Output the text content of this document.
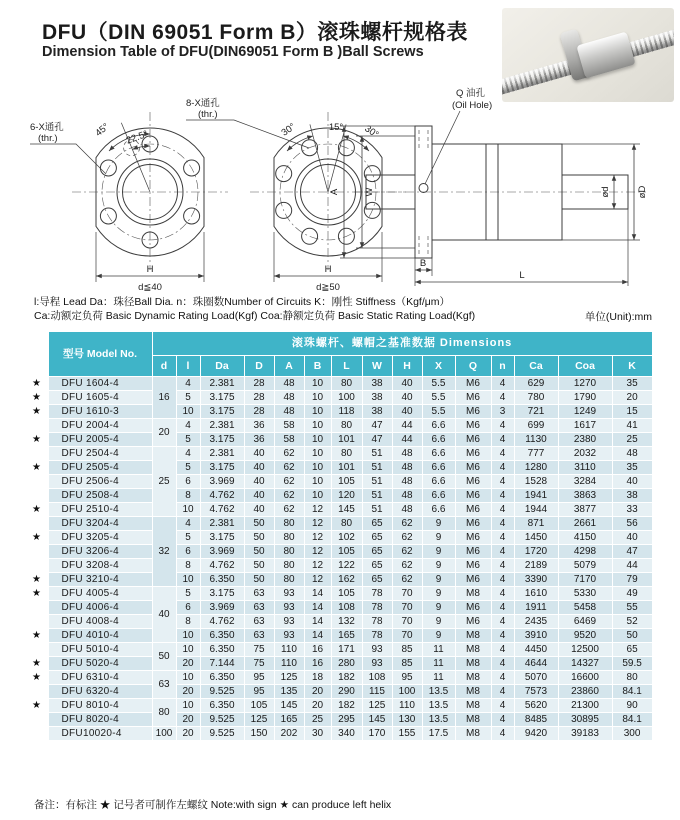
DFU（DIN 69051 Form B）滚珠螺杆规格表
Dimension Table of DFU(DIN69051 Form B )Ball Screws
45° 22.5°
H
d≦40
6-X通孔
(thr.)	30°	15° 30°
H
d≧50
8-X通孔
(thr.)
Q 油孔
(Oil Hole)
A	W	ød	øD
B
L
l:导程 Lead Da：珠径Ball Dia. n：珠圈数Number of Circuits K：刚性 Stiffness（Kgf/μm）
Ca:动额定负荷 Basic Dynamic Rating Load(Kgf) Coa:静额定负荷 Basic Static Rating Load(Kgf)	单位(Unit):mm
	型号 Model No.	滚珠螺杆、螺帽之基准数据 Dimensions														
		d	l	Da	D	A	B	L	W	H	X	Q	n	Ca	Coa	K
★	DFU 1604-4	16	4	2.381	28	48	10	80	38	40	5.5	M6	4	629	1270	35
★	DFU 1605-4		5	3.175	28	48	10	100	38	40	5.5	M6	4	780	1790	20
★	DFU 1610-3		10	3.175	28	48	10	118	38	40	5.5	M6	3	721	1249	15
	DFU 2004-4	20	4	2.381	36	58	10	80	47	44	6.6	M6	4	699	1617	41
★	DFU 2005-4		5	3.175	36	58	10	101	47	44	6.6	M6	4	1130	2380	25
	DFU 2504-4	25	4	2.381	40	62	10	80	51	48	6.6	M6	4	777	2032	48
★	DFU 2505-4		5	3.175	40	62	10	101	51	48	6.6	M6	4	1280	3110	35
	DFU 2506-4		6	3.969	40	62	10	105	51	48	6.6	M6	4	1528	3284	40
	DFU 2508-4		8	4.762	40	62	10	120	51	48	6.6	M6	4	1941	3863	38
★	DFU 2510-4		10	4.762	40	62	12	145	51	48	6.6	M6	4	1944	3877	33
	DFU 3204-4	32	4	2.381	50	80	12	80	65	62	9	M6	4	871	2661	56
★	DFU 3205-4		5	3.175	50	80	12	102	65	62	9	M6	4	1450	4150	40
	DFU 3206-4		6	3.969	50	80	12	105	65	62	9	M6	4	1720	4298	47
	DFU 3208-4		8	4.762	50	80	12	122	65	62	9	M6	4	2189	5079	44
★	DFU 3210-4		10	6.350	50	80	12	162	65	62	9	M6	4	3390	7170	79
★	DFU 4005-4	40	5	3.175	63	93	14	105	78	70	9	M8	4	1610	5330	49
	DFU 4006-4		6	3.969	63	93	14	108	78	70	9	M6	4	1911	5458	55
	DFU 4008-4		8	4.762	63	93	14	132	78	70	9	M6	4	2435	6469	52
★	DFU 4010-4		10	6.350	63	93	14	165	78	70	9	M8	4	3910	9520	50
	DFU 5010-4	50	10	6.350	75	110	16	171	93	85	11	M8	4	4450	12500	65
★	DFU 5020-4		20	7.144	75	110	16	280	93	85	11	M8	4	4644	14327	59.5
★	DFU 6310-4	63	10	6.350	95	125	18	182	108	95	11	M8	4	5070	16600	80
	DFU 6320-4		20	9.525	95	135	20	290	115	100	13.5	M8	4	7573	23860	84.1
★	DFU 8010-4	80	10	6.350	105	145	20	182	125	110	13.5	M8	4	5620	21300	90
	DFU 8020-4		20	9.525	125	165	25	295	145	130	13.5	M8	4	8485	30895	84.1
	DFU10020-4	100	20	9.525	150	202	30	340	170	155	17.5	M8	4	9420	39183	300
备注：有标注 ★ 记号者可制作左螺纹 Note:with sign ★ can produce left helix
